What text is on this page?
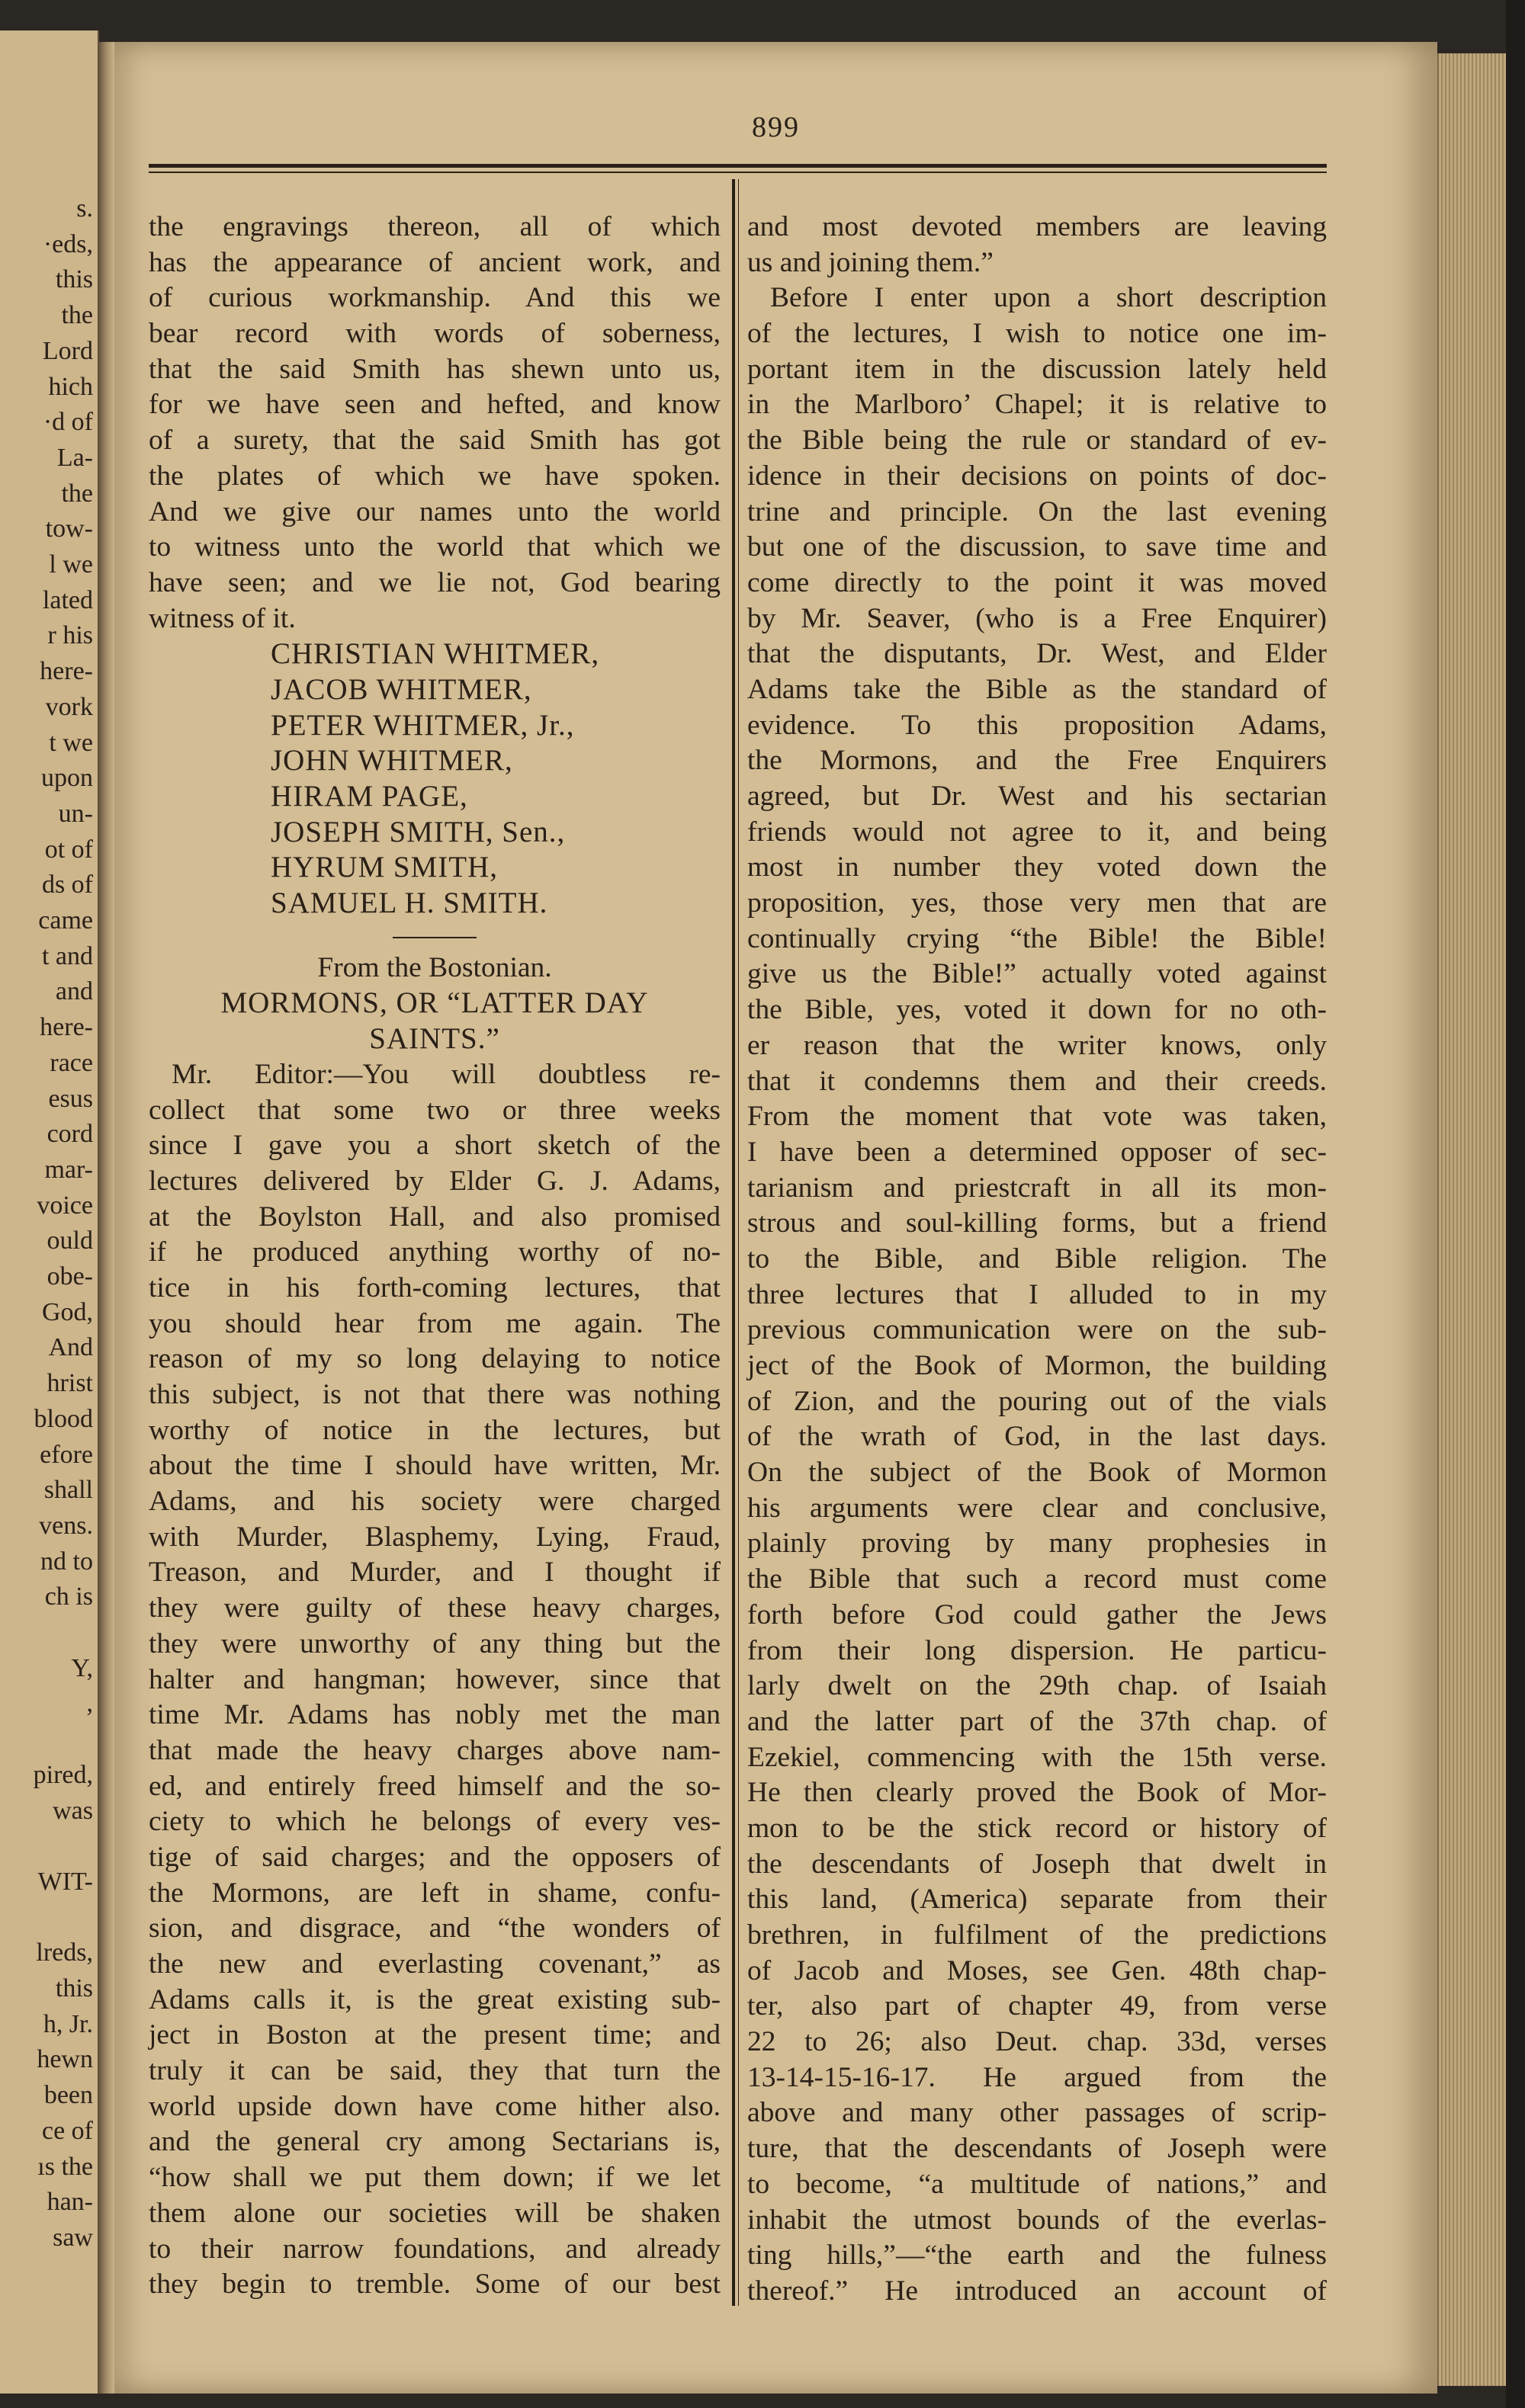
s.
·eds,
this
the
Lord
hich
·d of
La-
the
tow-
l we
lated
r his
here-
vork
t we
upon
un-
ot of
ds of
came
t and
and
here-
race
esus
cord
mar-
voice
ould
obe-
God,
And
hrist
blood
efore
shall
vens.
nd to
ch is
Y,
,
pired,
was
WIT-
lreds,
this
h, Jr.
hewn
been
ce of
ıs the
han-
saw
899
the engravings thereon, all of which
has the appearance of ancient work, and
of curious workmanship. And this we
bear record with words of soberness,
that the said Smith has shewn unto us,
for we have seen and hefted, and know
of a surety, that the said Smith has got
the plates of which we have spoken.
And we give our names unto the world
to witness unto the world that which we
have seen; and we lie not, God bearing
witness of it.
CHRISTIAN WHITMER,
JACOB WHITMER,
PETER WHITMER, Jr.,
JOHN WHITMER,
HIRAM PAGE,
JOSEPH SMITH, Sen.,
HYRUM SMITH,
SAMUEL H. SMITH.
From the Bostonian.
MORMONS, OR “LATTER DAY
SAINTS.”
Mr. Editor:—You will doubtless re-
collect that some two or three weeks
since I gave you a short sketch of the
lectures delivered by Elder G. J. Adams,
at the Boylston Hall, and also promised
if he produced anything worthy of no-
tice in his forth-coming lectures, that
you should hear from me again. The
reason of my so long delaying to notice
this subject, is not that there was nothing
worthy of notice in the lectures, but
about the time I should have written, Mr.
Adams, and his society were charged
with Murder, Blasphemy, Lying, Fraud,
Treason, and Murder, and I thought if
they were guilty of these heavy charges,
they were unworthy of any thing but the
halter and hangman; however, since that
time Mr. Adams has nobly met the man
that made the heavy charges above nam-
ed, and entirely freed himself and the so-
ciety to which he belongs of every ves-
tige of said charges; and the opposers of
the Mormons, are left in shame, confu-
sion, and disgrace, and “the wonders of
the new and everlasting covenant,” as
Adams calls it, is the great existing sub-
ject in Boston at the present time; and
truly it can be said, they that turn the
world upside down have come hither also.
and the general cry among Sectarians is,
“how shall we put them down; if we let
them alone our societies will be shaken
to their narrow foundations, and already
they begin to tremble. Some of our best
and most devoted members are leaving
us and joining them.”
Before I enter upon a short description
of the lectures, I wish to notice one im-
portant item in the discussion lately held
in the Marlboro’ Chapel; it is relative to
the Bible being the rule or standard of ev-
idence in their decisions on points of doc-
trine and principle. On the last evening
but one of the discussion, to save time and
come directly to the point it was moved
by Mr. Seaver, (who is a Free Enquirer)
that the disputants, Dr. West, and Elder
Adams take the Bible as the standard of
evidence. To this proposition Adams,
the Mormons, and the Free Enquirers
agreed, but Dr. West and his sectarian
friends would not agree to it, and being
most in number they voted down the
proposition, yes, those very men that are
continually crying “the Bible! the Bible!
give us the Bible!” actually voted against
the Bible, yes, voted it down for no oth-
er reason that the writer knows, only
that it condemns them and their creeds.
From the moment that vote was taken,
I have been a determined opposer of sec-
tarianism and priestcraft in all its mon-
strous and soul-killing forms, but a friend
to the Bible, and Bible religion. The
three lectures that I alluded to in my
previous communication were on the sub-
ject of the Book of Mormon, the building
of Zion, and the pouring out of the vials
of the wrath of God, in the last days.
On the subject of the Book of Mormon
his arguments were clear and conclusive,
plainly proving by many prophesies in
the Bible that such a record must come
forth before God could gather the Jews
from their long dispersion. He particu-
larly dwelt on the 29th chap. of Isaiah
and the latter part of the 37th chap. of
Ezekiel, commencing with the 15th verse.
He then clearly proved the Book of Mor-
mon to be the stick record or history of
the descendants of Joseph that dwelt in
this land, (America) separate from their
brethren, in fulfilment of the predictions
of Jacob and Moses, see Gen. 48th chap-
ter, also part of chapter 49, from verse
22 to 26; also Deut. chap. 33d, verses
13-14-15-16-17. He argued from the
above and many other passages of scrip-
ture, that the descendants of Joseph were
to become, “a multitude of nations,” and
inhabit the utmost bounds of the everlas-
ting hills,”—“the earth and the fulness
thereof.” He introduced an account of
